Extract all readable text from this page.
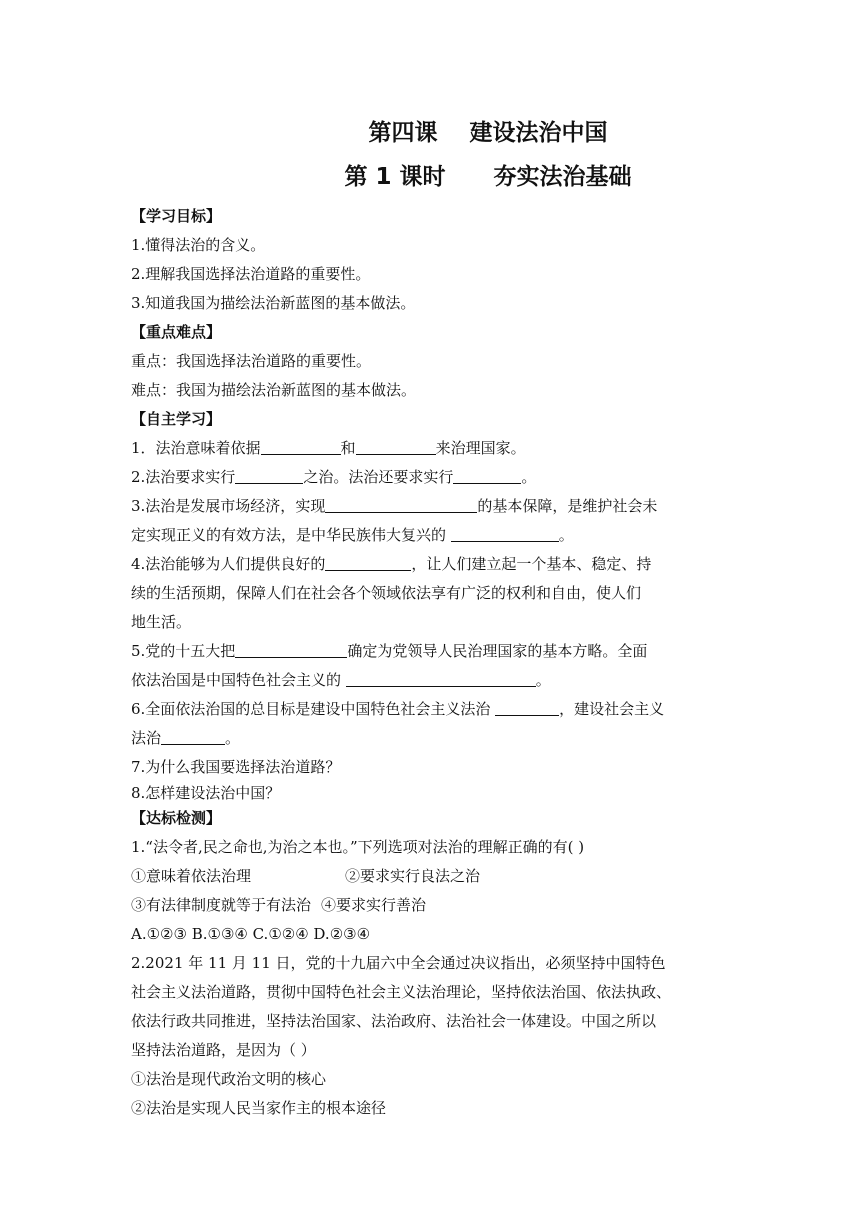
第四课    建设法治中国
第 1 课时      夯实法治基础
【学习目标】
1.懂得法治的含义。
2.理解我国选择法治道路的重要性。
3.知道我国为描绘法治新蓝图的基本做法。
【重点难点】
重点：我国选择法治道路的重要性。
难点：我国为描绘法治新蓝图的基本做法。
【自主学习】
1．法治意味着依据	和	来治理国家。
2.法治要求实行	之治。法治还要求实行	。
3.法治是发展市场经济，实现	的基本保障，是维护社会未
定实现正义的有效方法，是中华民族伟大复兴的	。
4.法治能够为人们提供良好的	，让人们建立起一个基本、稳定、持
续的生活预期，保障人们在社会各个领域依法享有广泛的权利和自由，使人们
地生活。
5.党的十五大把	确定为党领导人民治理国家的基本方略。全面
依法治国是中国特色社会主义的	。
6.全面依法治国的总目标是建设中国特色社会主义法治	，建设社会主义
法治	。
7.为什么我国要选择法治道路？
8.怎样建设法治中国？
【达标检测】
1.“法令者,民之命也,为治之本也。”下列选项对法治的理解正确的有( )
①意味着依法治理	②要求实行良法之治
③有法律制度就等于有法治 ④要求实行善治
A.①②③ B.①③④ C.①②④ D.②③④
2.2021 年 11 月 11 日，党的十九届六中全会通过决议指出，必须坚持中国特色
社会主义法治道路，贯彻中国特色社会主义法治理论，坚持依法治国、依法执政、
依法行政共同推进，坚持法治国家、法治政府、法治社会一体建设。中国之所以
坚持法治道路，是因为（ ）
①法治是现代政治文明的核心
②法治是实现人民当家作主的根本途径
